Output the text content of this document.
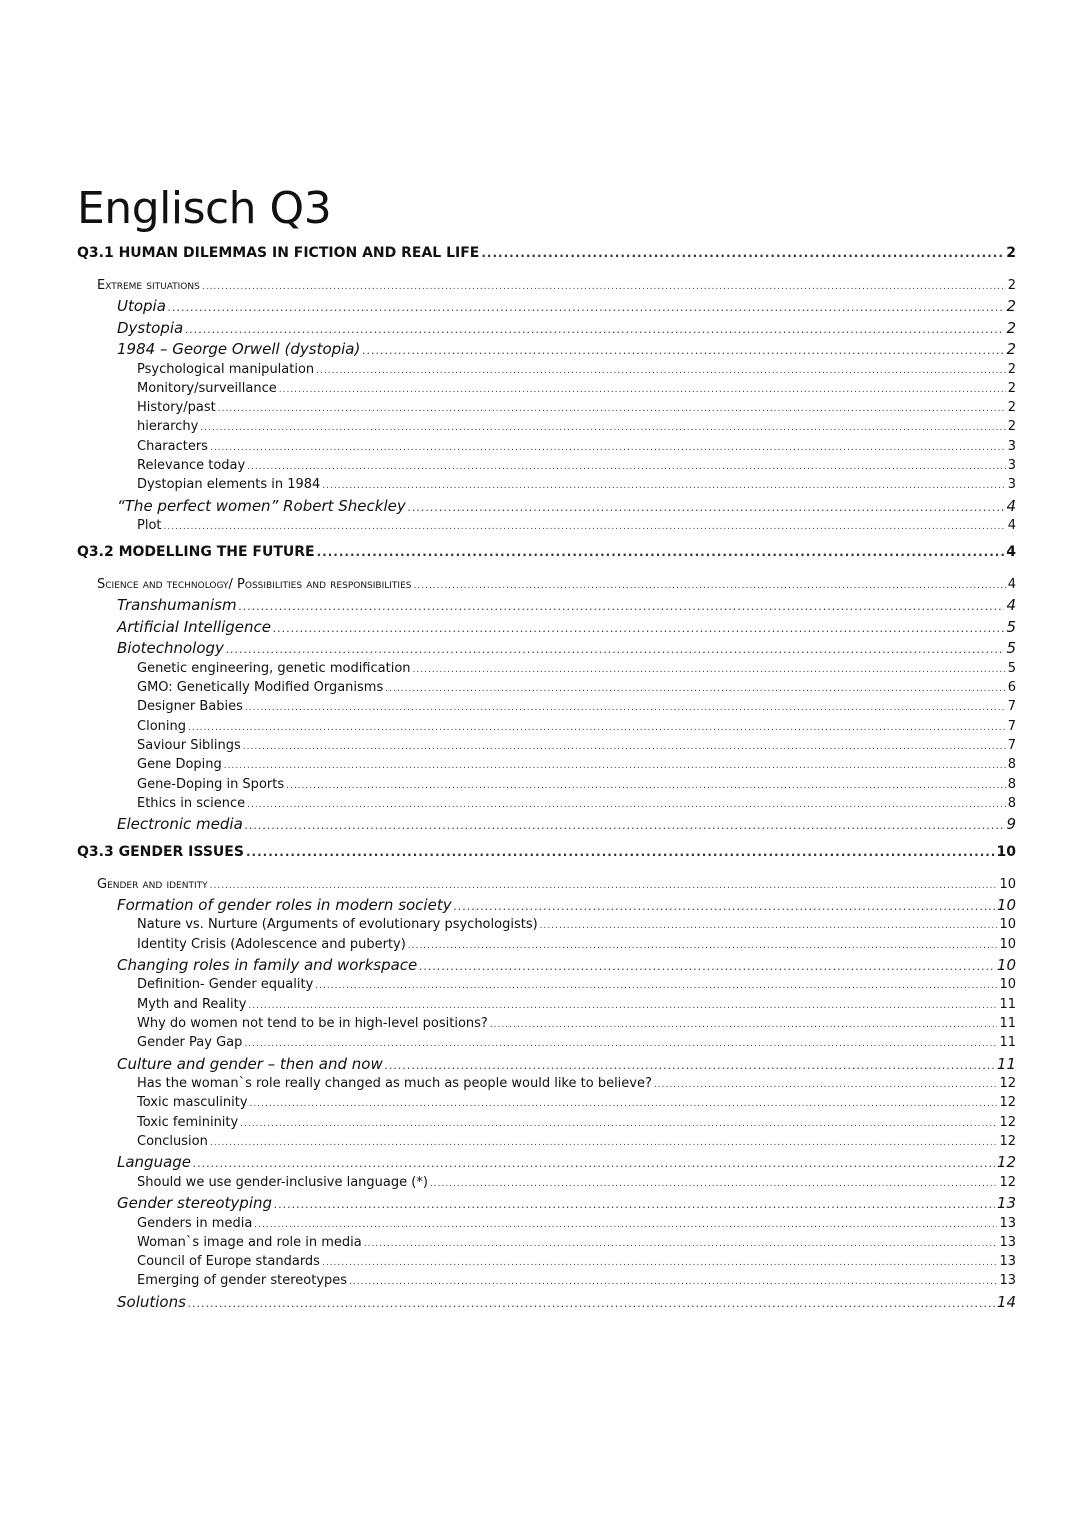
Englisch Q3
Q3.1 HUMAN DILEMMAS IN FICTION AND REAL LIFE .....	2
Extreme situations .....	2
Utopia .....	2
Dystopia .....	2
1984 – George Orwell (dystopia) .....	2
Psychological manipulation .....	2
Monitory/surveillance .....	2
History/past .....	2
hierarchy .....	2
Characters .....	3
Relevance today .....	3
Dystopian elements in 1984 .....	3
“The perfect women” Robert Sheckley .....	4
Plot .....	4
Q3.2 MODELLING THE FUTURE .....	4
Science and technology/ Possibilities and responsibilities .....	4
Transhumanism .....	4
Artificial Intelligence .....	5
Biotechnology .....	5
Genetic engineering, genetic modification .....	5
GMO: Genetically Modified Organisms .....	6
Designer Babies .....	7
Cloning .....	7
Saviour Siblings .....	7
Gene Doping .....	8
Gene-Doping in Sports .....	8
Ethics in science .....	8
Electronic media .....	9
Q3.3 GENDER ISSUES .....	10
Gender and identity .....	10
Formation of gender roles in modern society .....	10
Nature vs. Nurture (Arguments of evolutionary psychologists) .....	10
Identity Crisis (Adolescence and puberty) .....	10
Changing roles in family and workspace .....	10
Definition- Gender equality .....	10
Myth and Reality .....	11
Why do women not tend to be in high-level positions? .....	11
Gender Pay Gap .....	11
Culture and gender – then and now .....	11
Has the woman`s role really changed as much as people would like to believe? .....	12
Toxic masculinity .....	12
Toxic femininity .....	12
Conclusion .....	12
Language .....	12
Should we use gender-inclusive language (*) .....	12
Gender stereotyping .....	13
Genders in media .....	13
Woman`s image and role in media .....	13
Council of Europe standards .....	13
Emerging of gender stereotypes .....	13
Solutions .....	14
